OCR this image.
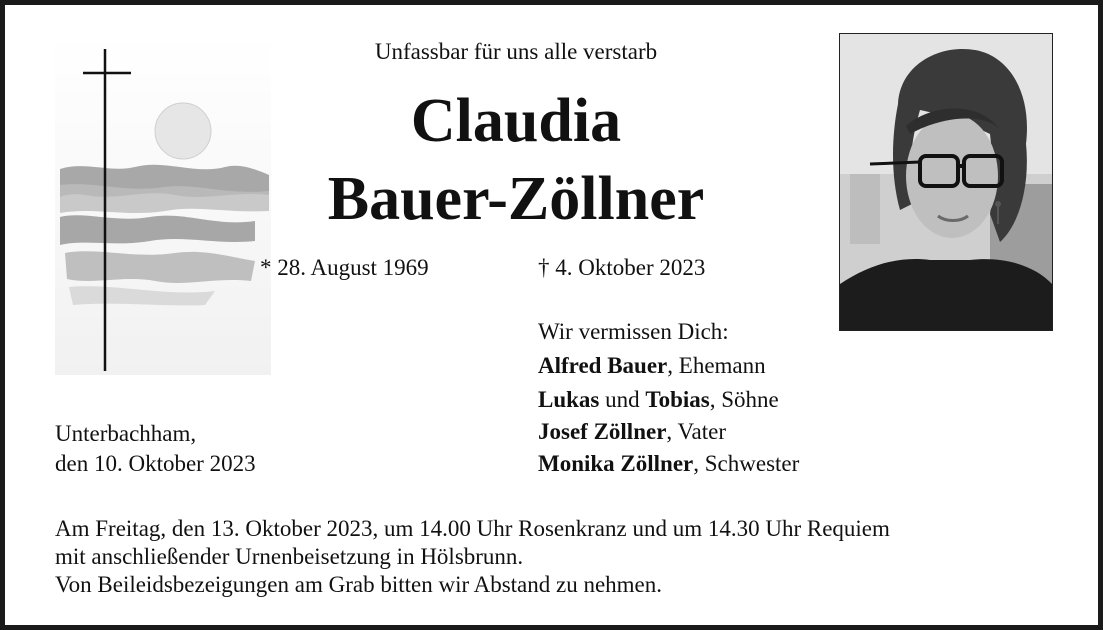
Unfassbar für uns alle verstarb
Claudia
Bauer-Zöllner
* 28. August 1969	† 4. Oktober 2023
Wir vermissen Dich:
Alfred Bauer, Ehemann
Lukas und Tobias, Söhne
Josef Zöllner, Vater
Monika Zöllner, Schwester
Unterbachham,
den 10. Oktober 2023
Am Freitag, den 13. Oktober 2023, um 14.00 Uhr Rosenkranz und um 14.30 Uhr Requiem
mit anschließender Urnenbeisetzung in Hölsbrunn.
Von Beileidsbezeigungen am Grab bitten wir Abstand zu nehmen.
